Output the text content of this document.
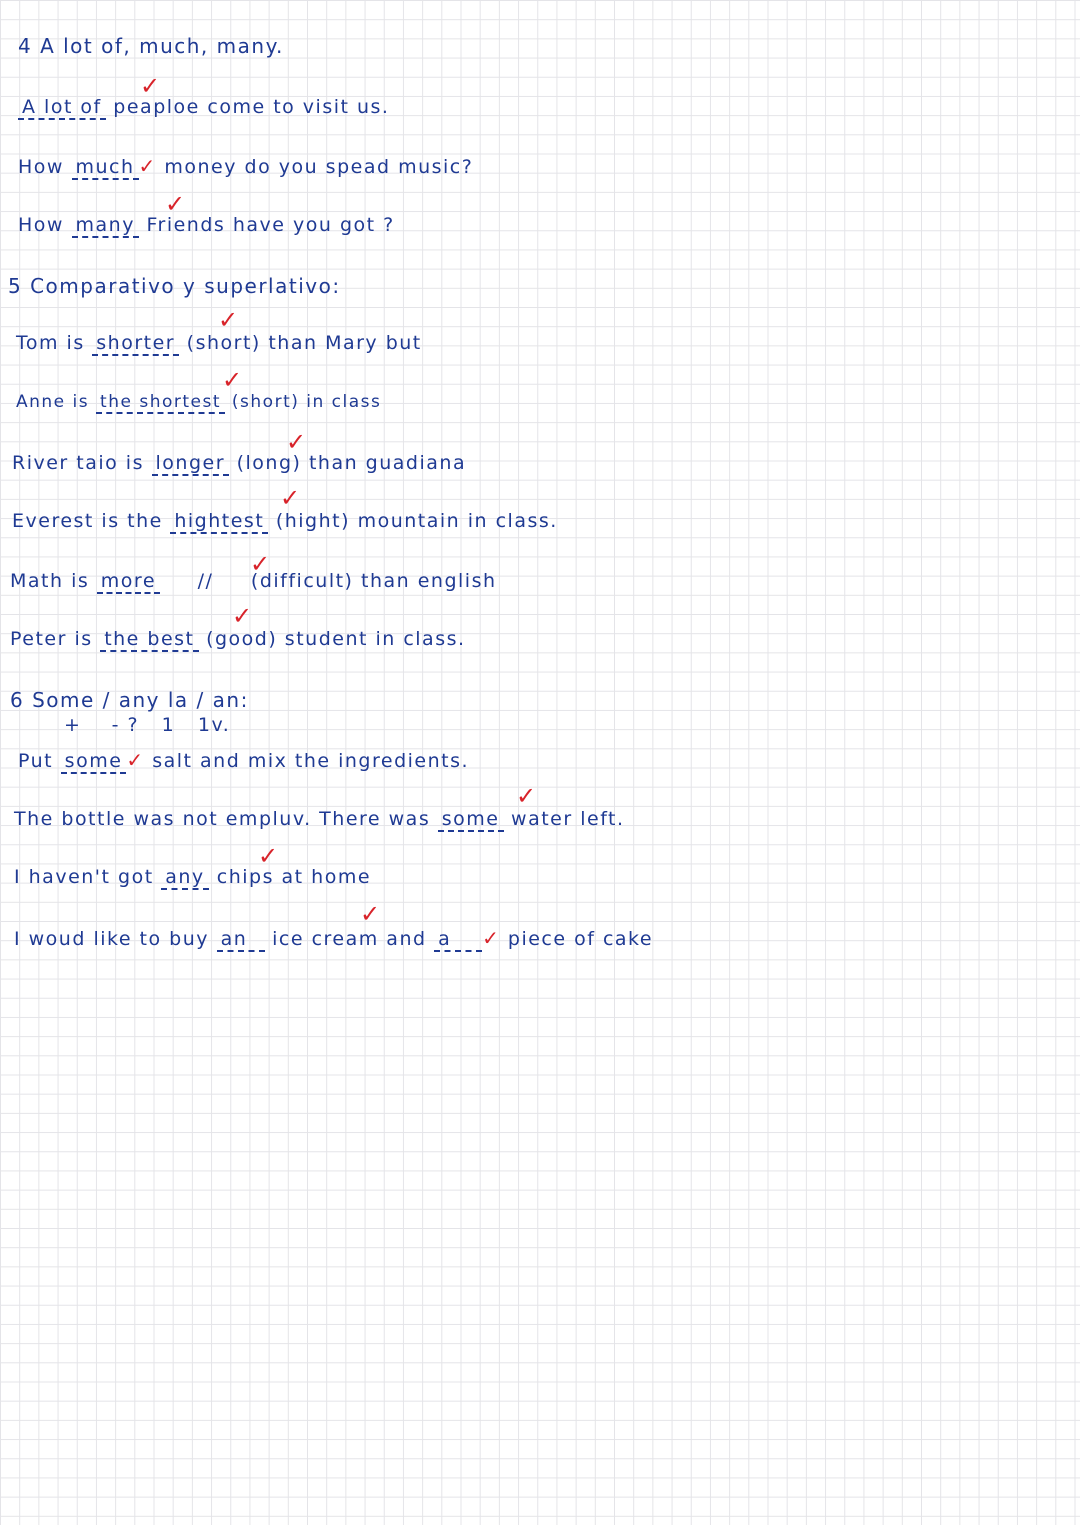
4 A lot of, much, many.
✓
A lot of peaploe come to visit us.
How much ✓ money do you spead music?
✓
How many Friends have you got ?
5 Comparativo y superlativo:
✓
Tom is shorter (short) than Mary but
✓
Anne is the shortest (short) in class
✓
River taio is longer (long) than guadiana
✓
Everest is the hightest (hight) mountain in class.
✓
Math is more // (difficult) than english
✓
Peter is the best (good) student in class.
6 Some / any la / an:
+    - ?   1   1v.
Put some ✓ salt and mix the ingredients.
✓
The bottle was not empluv. There was some water left.
✓
I haven't got any chips at home
✓
I woud like to buy an ice cream and a ✓ piece of cake
